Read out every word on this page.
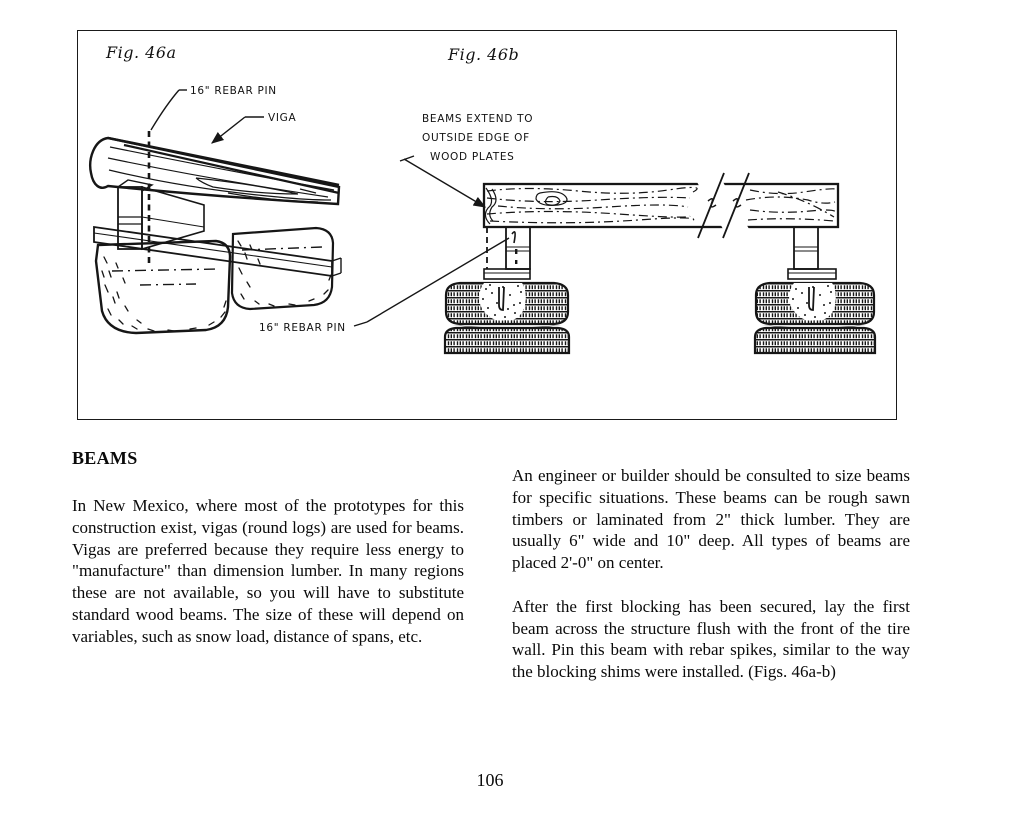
Fig. 46a
16" REBAR PIN
VIGA
16" REBAR PIN
Fig. 46b
BEAMS EXTEND TO
OUTSIDE EDGE OF
WOOD PLATES
BEAMS

In New Mexico, where most of the prototypes for this construction exist, vigas (round logs) are used for beams. Vigas are preferred because they require less energy to "manufacture" than dimension lumber. In many regions these are not available, so you will have to substitute standard wood beams. The size of these will depend on variables, such as snow load, distance of spans, etc.

An engineer or builder should be consulted to size beams for specific situations. These beams can be rough sawn timbers or laminated from 2" thick lumber. They are usually 6" wide and 10" deep. All types of beams are placed 2'-0" on center.

After the first blocking has been secured, lay the first beam across the structure flush with the front of the tire wall. Pin this beam with rebar spikes, similar to the way the blocking shims were installed. (Figs. 46a-b)

106
